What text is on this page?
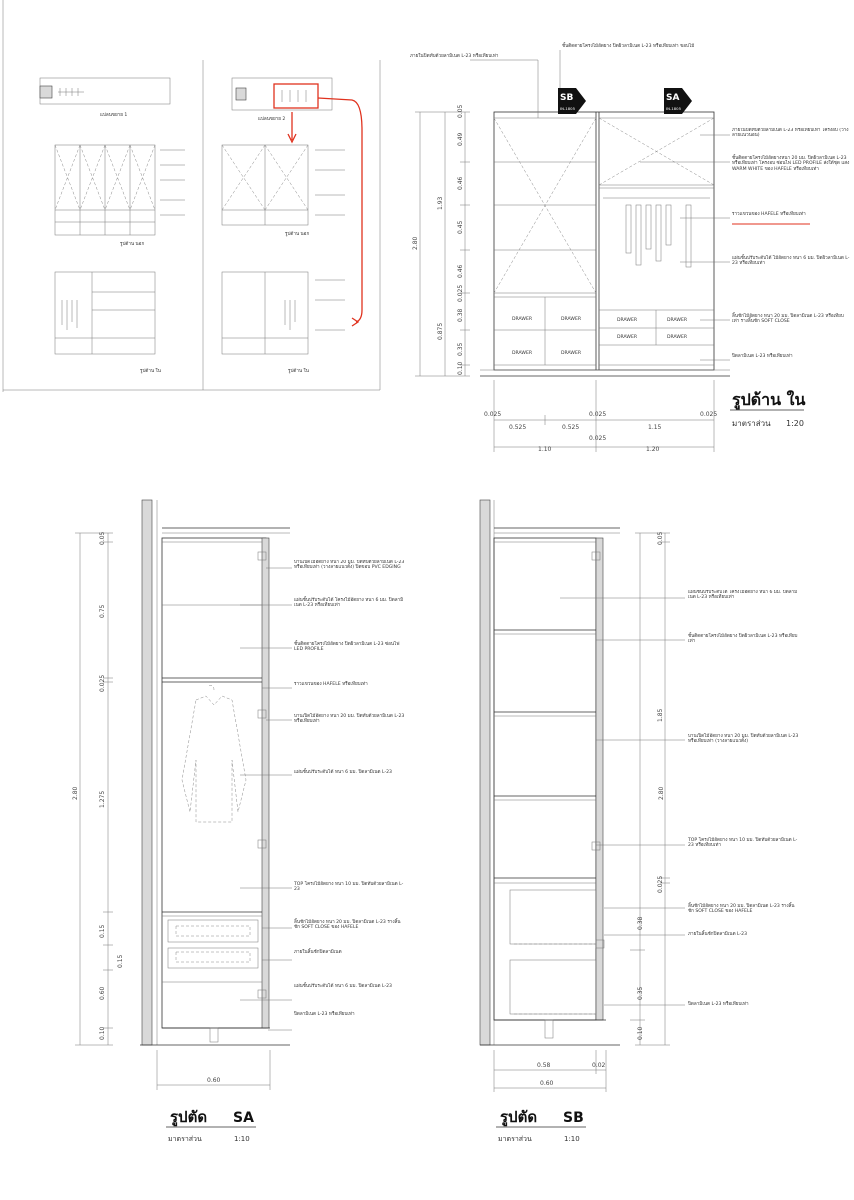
แปลนขยาย 1
รูปด้าน นอก
รูปด้าน ใน
แปลนขยาย 2
รูปด้าน นอก
รูปด้าน ใน
DRAWER	DRAWER
DRAWER	DRAWER
DRAWER	DRAWER
DRAWER	DRAWER
SB
IN-1805
SA
IN-1805
0.05
0.49
0.46
0.45
0.46
0.025
0.38
0.35
0.10
1.93
2.80
0.875
0.025
0.525	0.525
0.025
1.15
0.025
0.025
1.10	1.20
ภายในปิดทับด้วยลามิเนต L-23 หรือเทียบเท่า
ชั้นติดตายโครงไม้อัดยาง ปิดผิวลามิเนต L-23 หรือเทียบเท่า ขอบไม้
ภายในปิดทับด้วยลามิเนต L-23 หรือเทียบเท่า โครงอบ (วางลายแนวนอน)
ชั้นติดตายโครงไม้อัดยางหนา 20 มม. ปิดผิวลามิเนต L-23 หรือเทียบเท่า โครงอบ ซ่อนไฟ LED PROFILE ส่งใต้ชุด แสง WARM WHITE ของ HAFELE หรือเทียบเท่า
ราวแขวนของ HAFELE หรือเทียบเท่า
แผ่นชั้นปรับระดับได้ ไม้อัดยาง หนา 6 มม. ปิดผิวลามิเนต L-23 หรือเทียบเท่า
ลิ้นชักไม้อัดยาง หนา 20 มม. ปิดลามิเนต L-23 หรือเทียบเท่า รางลิ้นชัก SOFT CLOSE
ปิดลามิเนต L-23 หรือเทียบเท่า
รูปด้าน ใน
มาตราส่วน 1:20
0.05
0.75
0.025
1.275
2.80
0.15
0.60
0.15
0.10
0.60
บานเปิดไม้อัดยาง หนา 20 มม. ปิดทับด้วยลามิเนต L-23 หรือเทียบเท่า (วางลายแนวตั้ง) ปิดขอบ PVC EDGING
แผ่นชั้นปรับระดับได้ โครงไม้อัดยาง หนา 6 มม. ปิดลามิเนต L-23 หรือเทียบเท่า
ชั้นติดตายโครงไม้อัดยาง ปิดผิวลามิเนต L-23 ซ่อนไฟ LED PROFILE
ราวแขวนของ HAFELE หรือเทียบเท่า
บานเปิดไม้อัดยาง หนา 20 มม. ปิดทับด้วยลามิเนต L-23 หรือเทียบเท่า
แผ่นชั้นปรับระดับได้ หนา 6 มม. ปิดลามิเนต L-23
TOP โครงไม้อัดยาง หนา 10 มม. ปิดทับด้วยลามิเนต L-23
ลิ้นชักไม้อัดยาง หนา 20 มม. ปิดลามิเนต L-23 รางลิ้นชัก SOFT CLOSE ของ HAFELE
ภายในลิ้นชักปิดลามิเนต
แผ่นชั้นปรับระดับได้ หนา 6 มม. ปิดลามิเนต L-23
ปิดลามิเนต L-23 หรือเทียบเท่า
รูปตัด SA
มาตราส่วน	1:10
0.05
1.85
2.80
0.025
0.38
0.35
0.10
0.58	0.02
0.60
แผ่นชั้นปรับระดับได้ โครงไม้อัดยาง หนา 6 มม. ปิดลามิเนต L-23 หรือเทียบเท่า
ชั้นติดตายโครงไม้อัดยาง ปิดผิวลามิเนต L-23 หรือเทียบเท่า
บานเปิดไม้อัดยาง หนา 20 มม. ปิดทับด้วยลามิเนต L-23 หรือเทียบเท่า (วางลายแนวตั้ง)
TOP โครงไม้อัดยาง หนา 10 มม. ปิดทับด้วยลามิเนต L-23 หรือเทียบเท่า
ลิ้นชักไม้อัดยาง หนา 20 มม. ปิดลามิเนต L-23 รางลิ้นชัก SOFT CLOSE ของ HAFELE
ภายในลิ้นชักปิดลามิเนต L-23
ปิดลามิเนต L-23 หรือเทียบเท่า
รูปตัด SB
มาตราส่วน	1:10
